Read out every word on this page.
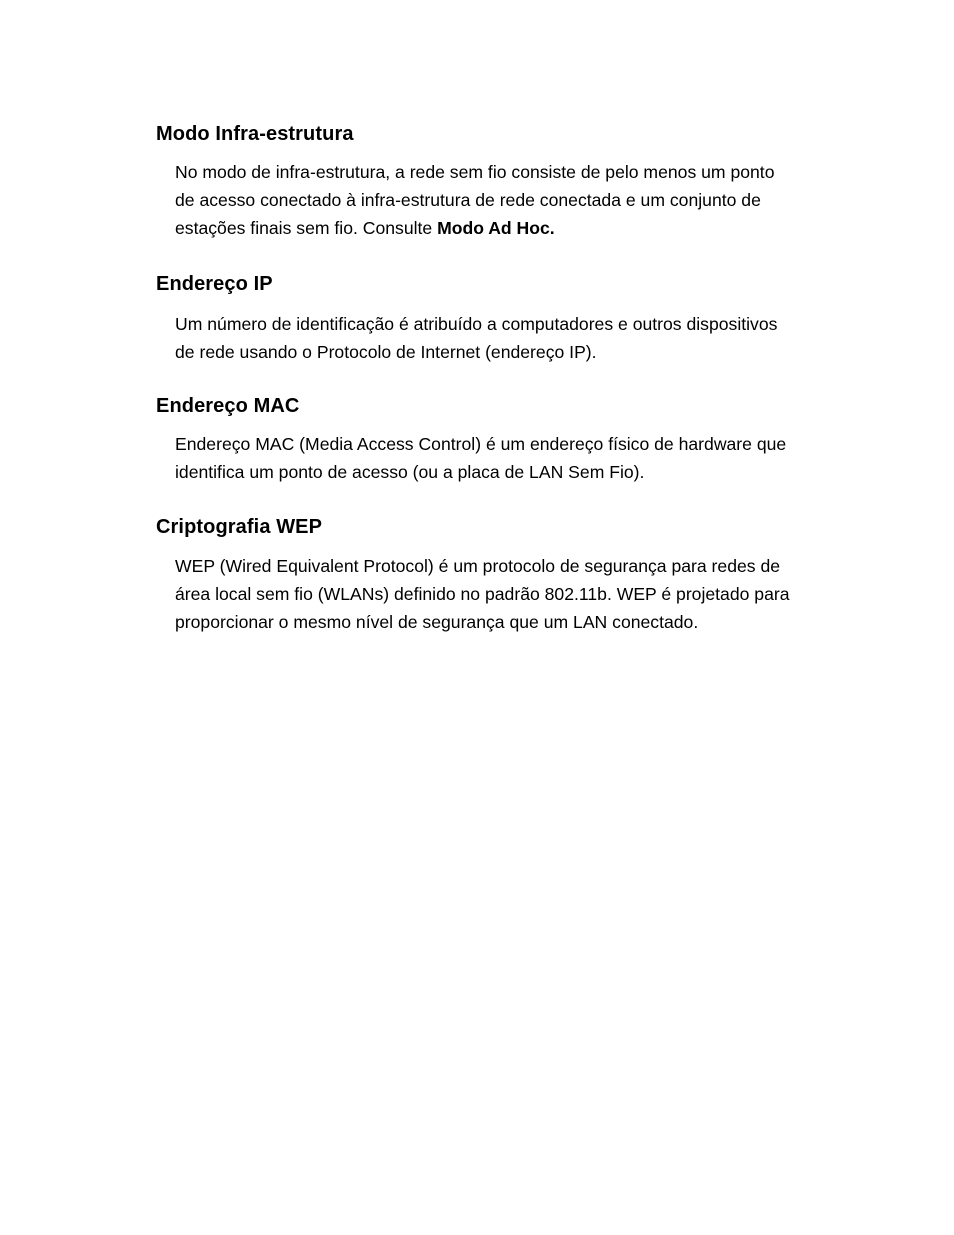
Modo Infra-estrutura

No modo de infra-estrutura, a rede sem fio consiste de pelo menos um ponto
de acesso conectado à infra-estrutura de rede conectada e um conjunto de
estações finais sem fio. Consulte Modo Ad Hoc.

Endereço IP

Um número de identificação é atribuído a computadores e outros dispositivos
de rede usando o Protocolo de Internet (endereço IP).

Endereço MAC

Endereço MAC (Media Access Control) é um endereço físico de hardware que
identifica um ponto de acesso (ou a placa de LAN Sem Fio).

Criptografia WEP

WEP (Wired Equivalent Protocol) é um protocolo de segurança para redes de
área local sem fio (WLANs) definido no padrão 802.11b. WEP é projetado para
proporcionar o mesmo nível de segurança que um LAN conectado.
